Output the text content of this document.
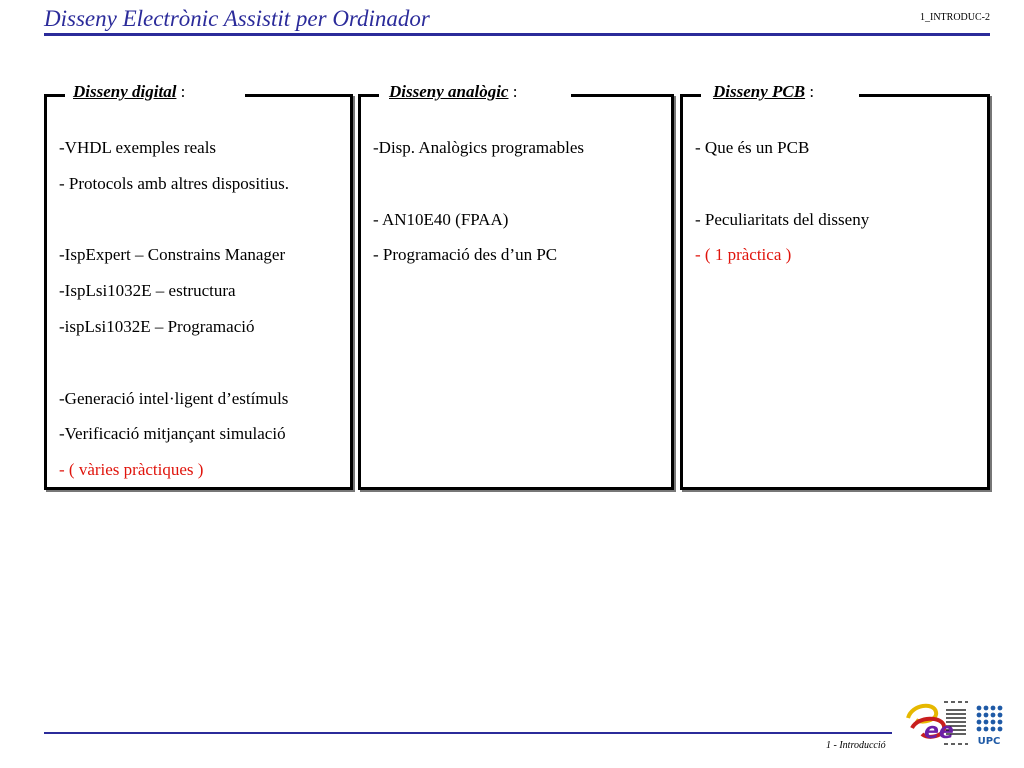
Disseny Electrònic Assistit per Ordinador	1_INTRODUC-2
Disseny digital :
-VHDL exemples reals
- Protocols amb altres dispositius.
-IspExpert – Constrains Manager
-IspLsi1032E – estructura
-ispLsi1032E – Programació
-Generació intel·ligent d’estímuls
-Verificació mitjançant simulació
- ( vàries pràctiques )
Disseny analògic :
-Disp. Analògics programables
- AN10E40 (FPAA)
- Programació des d’un PC
Disseny PCB :
- Que és un PCB
- Peculiaritats del disseny
- ( 1 pràctica )
1 - Introducció
ee UPC
